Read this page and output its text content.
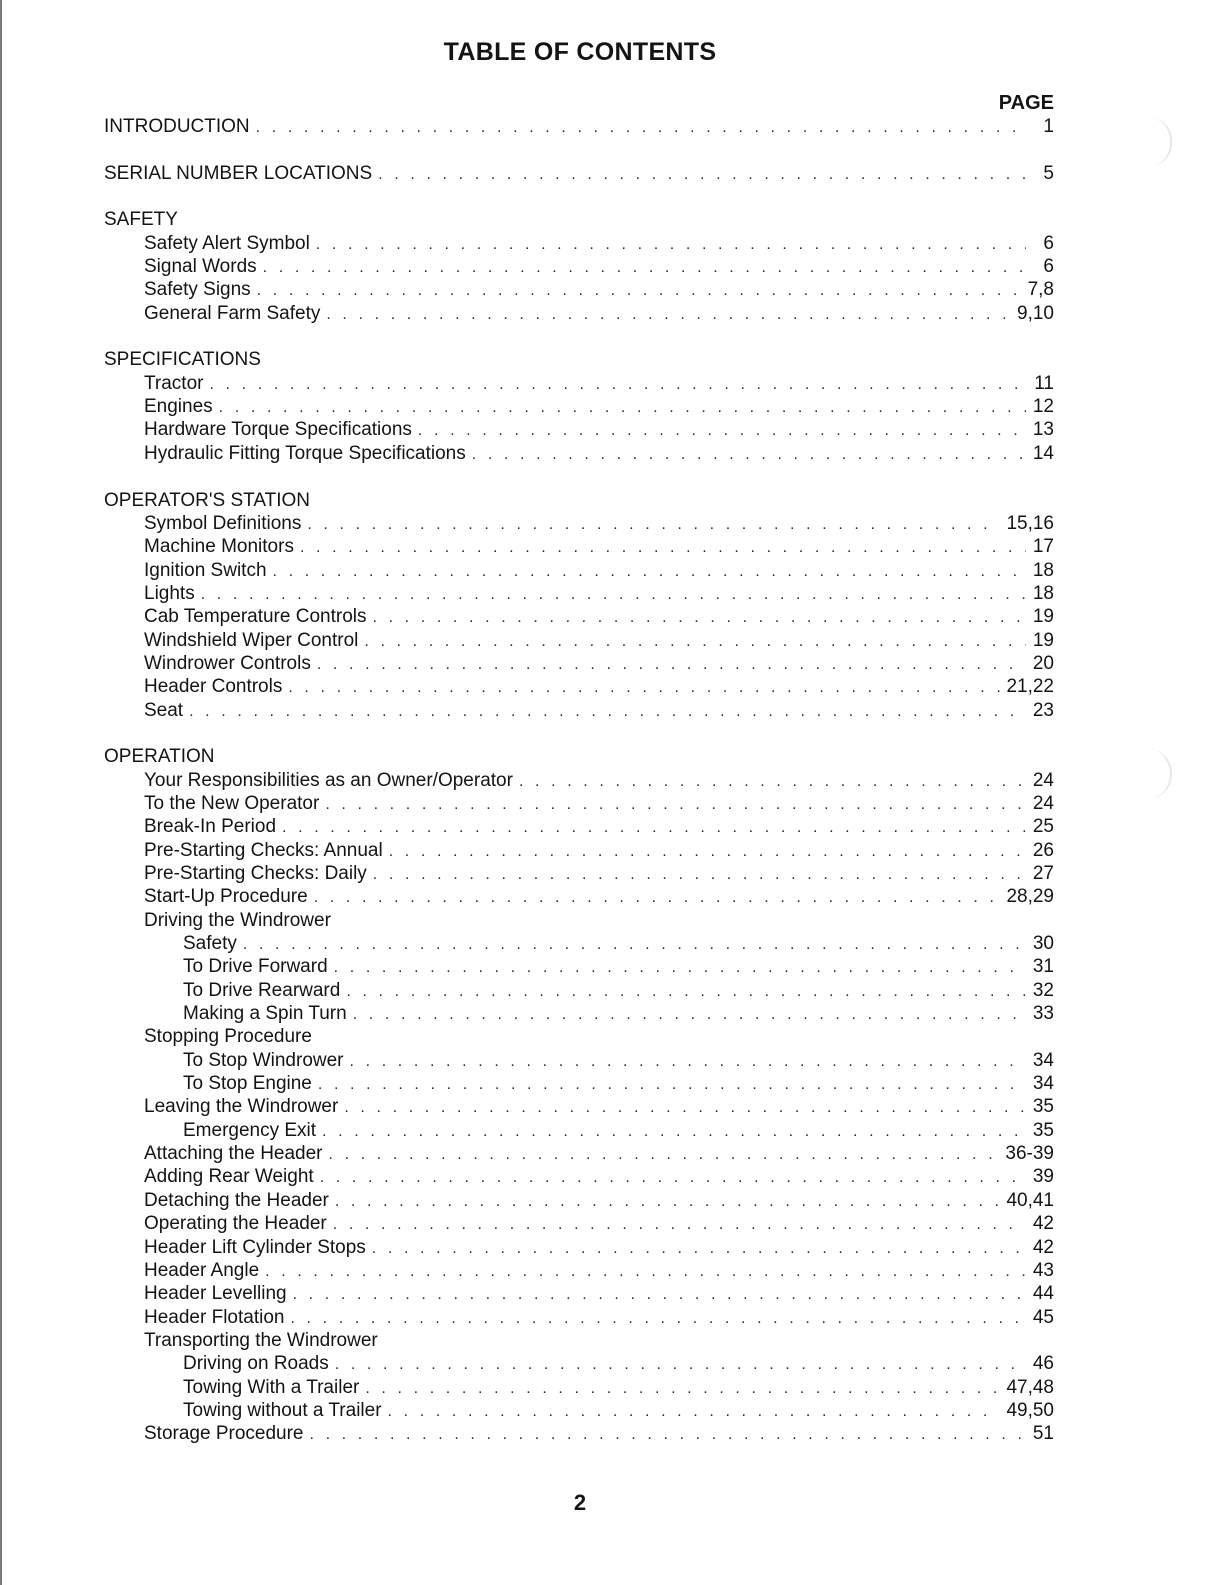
TABLE OF CONTENTS
PAGE
INTRODUCTION . . .	1
SERIAL NUMBER LOCATIONS . . .	5
SAFETY
Safety Alert Symbol . . .	6
Signal Words . . .	6
Safety Signs . . .	7,8
General Farm Safety . . .	9,10
SPECIFICATIONS
Tractor . . .	11
Engines . . .	12
Hardware Torque Specifications . . .	13
Hydraulic Fitting Torque Specifications . . .	14
OPERATOR'S STATION
Symbol Definitions . . .	15,16
Machine Monitors . . .	17
Ignition Switch . . .	18
Lights . . .	18
Cab Temperature Controls . . .	19
Windshield Wiper Control . . .	19
Windrower Controls . . .	20
Header Controls . . .	21,22
Seat . . .	23
OPERATION
Your Responsibilities as an Owner/Operator . . .	24
To the New Operator . . .	24
Break-In Period . . .	25
Pre-Starting Checks: Annual . . .	26
Pre-Starting Checks: Daily . . .	27
Start-Up Procedure . . .	28,29
Driving the Windrower
Safety . . .	30
To Drive Forward . . .	31
To Drive Rearward . . .	32
Making a Spin Turn . . .	33
Stopping Procedure
To Stop Windrower . . .	34
To Stop Engine . . .	34
Leaving the Windrower . . .	35
Emergency Exit . . .	35
Attaching the Header . . .	36-39
Adding Rear Weight . . .	39
Detaching the Header . . .	40,41
Operating the Header . . .	42
Header Lift Cylinder Stops . . .	42
Header Angle . . .	43
Header Levelling . . .	44
Header Flotation . . .	45
Transporting the Windrower
Driving on Roads . . .	46
Towing With a Trailer . . .	47,48
Towing without a Trailer . . .	49,50
Storage Procedure . . .	51
2
